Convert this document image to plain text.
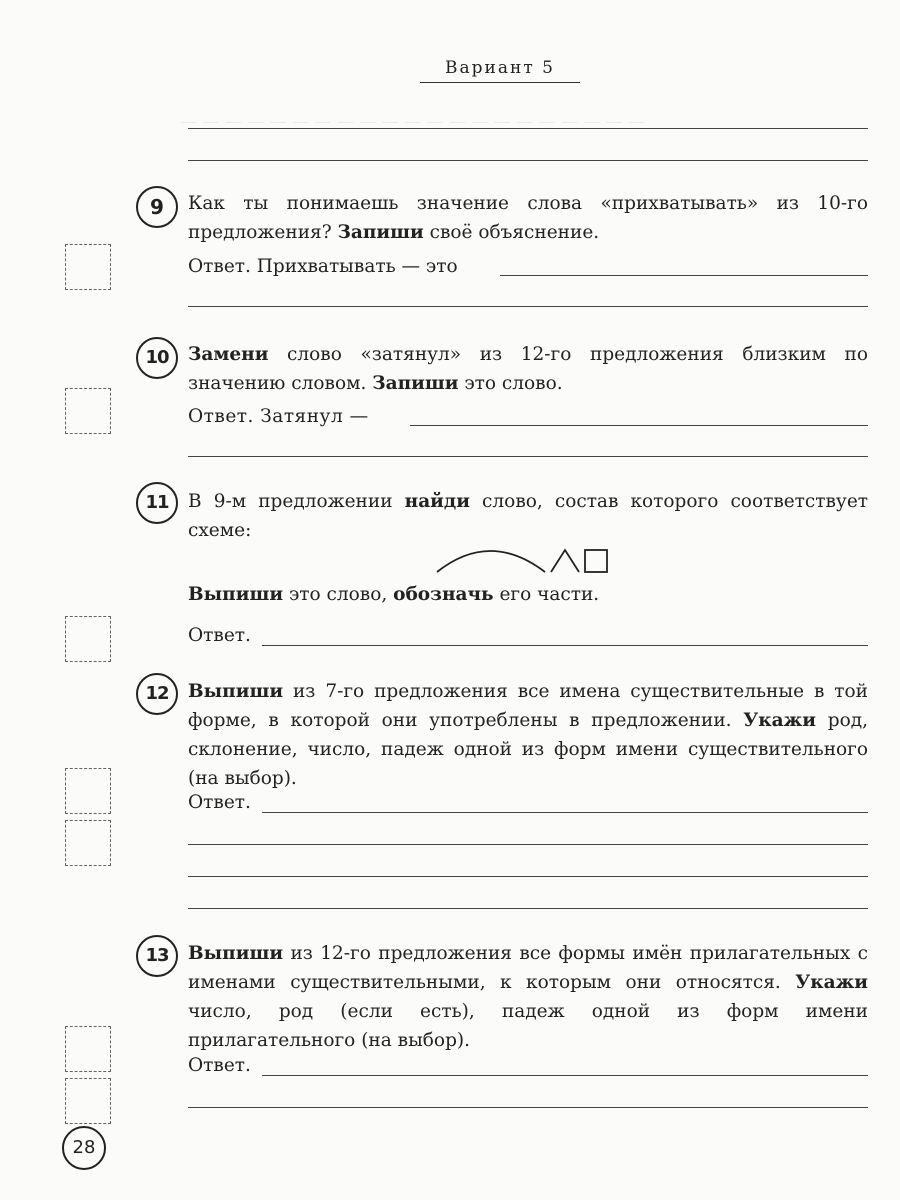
— — — — — — — — — — — — — — — — — — — — —
Вариант 5
9	Как ты понимаешь значение слова «прихватывать» из 10-го предложения? Запиши своё объяснение.
Ответ. Прихватывать — это
10	Замени слово «затянул» из 12-го предложения близким по значению словом. Запиши это слово.
Ответ. Затянул —
11	В 9-м предложении найди слово, состав которого соответствует схеме:
Выпиши это слово, обозначь его части.
Ответ.
12	Выпиши из 7-го предложения все имена существительные в той форме, в которой они употреблены в предложении. Укажи род, склонение, число, падеж одной из форм имени существительного (на выбор).
Ответ.
13	Выпиши из 12-го предложения все формы имён прилагательных с именами существительными, к которым они относятся. Укажи число, род (если есть), падеж одной из форм имени прилагательного (на выбор).
Ответ.
28
